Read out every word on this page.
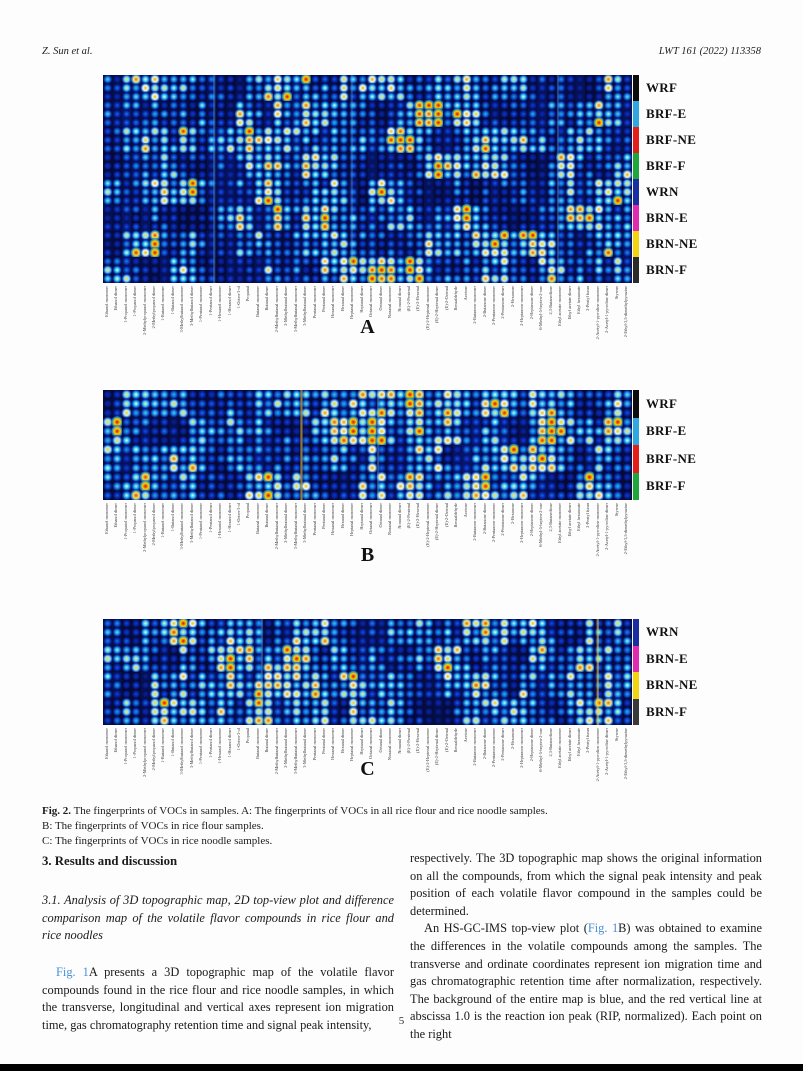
Z. Sun et al.	LWT 161 (2022) 113358
WRF
BRF-E
BRF-NE
BRF-F
WRN
BRN-E
BRN-NE
BRN-F
Ethanol monomer Ethanol dimer 1-Propanol monomer 1-Propanol dimer 2-Methylpropanol monomer 2-Methylpropanol dimer 1-Butanol monomer 1-Butanol dimer 3-Methylbutanol monomer 3-Methylbutanol dimer 1-Pentanol monomer 1-Pentanol dimer 1-Hexanol monomer 1-Hexanol dimer 1-Octen-3-ol Propanal Butanal monomer Butanal dimer 2-Methylbutanal monomer 2-Methylbutanal dimer 3-Methylbutanal monomer 3-Methylbutanal dimer Pentanal monomer Pentanal dimer Hexanal monomer Hexanal dimer Heptanal monomer Heptanal dimer Octanal monomer Octanal dimer Nonanal monomer Nonanal dimer (E)-2-Pentenal (E)-2-Hexenal (E)-2-Heptenal monomer (E)-2-Heptenal dimer (E)-2-Octenal Benzaldehyde Acetone 2-Butanone monomer 2-Butanone dimer 2-Pentanone monomer 2-Pentanone dimer 2-Hexanone 2-Heptanone monomer 2-Heptanone dimer 6-Methyl-5-hepten-2-one 2,3-Butanedione Ethyl acetate monomer Ethyl acetate dimer Ethyl hexanoate 2-Pentyl furan 2-Acetyl-1-pyrroline monomer 2-Acetyl-1-pyrroline dimer Styrene 2-Ethyl-3,5-dimethylpyrazine
A
WRF
BRF-E
BRF-NE
BRF-F
Ethanol monomer Ethanol dimer 1-Propanol monomer 1-Propanol dimer 2-Methylpropanol monomer 2-Methylpropanol dimer 1-Butanol monomer 1-Butanol dimer 3-Methylbutanol monomer 3-Methylbutanol dimer 1-Pentanol monomer 1-Pentanol dimer 1-Hexanol monomer 1-Hexanol dimer 1-Octen-3-ol Propanal Butanal monomer Butanal dimer 2-Methylbutanal monomer 2-Methylbutanal dimer 3-Methylbutanal monomer 3-Methylbutanal dimer Pentanal monomer Pentanal dimer Hexanal monomer Hexanal dimer Heptanal monomer Heptanal dimer Octanal monomer Octanal dimer Nonanal monomer Nonanal dimer (E)-2-Pentenal (E)-2-Hexenal (E)-2-Heptenal monomer (E)-2-Heptenal dimer (E)-2-Octenal Benzaldehyde Acetone 2-Butanone monomer 2-Butanone dimer 2-Pentanone monomer 2-Pentanone dimer 2-Hexanone 2-Heptanone monomer 2-Heptanone dimer 6-Methyl-5-hepten-2-one 2,3-Butanedione Ethyl acetate monomer Ethyl acetate dimer Ethyl hexanoate 2-Pentyl furan 2-Acetyl-1-pyrroline monomer 2-Acetyl-1-pyrroline dimer Styrene 2-Ethyl-3,5-dimethylpyrazine
B
WRN
BRN-E
BRN-NE
BRN-F
Ethanol monomer Ethanol dimer 1-Propanol monomer 1-Propanol dimer 2-Methylpropanol monomer 2-Methylpropanol dimer 1-Butanol monomer 1-Butanol dimer 3-Methylbutanol monomer 3-Methylbutanol dimer 1-Pentanol monomer 1-Pentanol dimer 1-Hexanol monomer 1-Hexanol dimer 1-Octen-3-ol Propanal Butanal monomer Butanal dimer 2-Methylbutanal monomer 2-Methylbutanal dimer 3-Methylbutanal monomer 3-Methylbutanal dimer Pentanal monomer Pentanal dimer Hexanal monomer Hexanal dimer Heptanal monomer Heptanal dimer Octanal monomer Octanal dimer Nonanal monomer Nonanal dimer (E)-2-Pentenal (E)-2-Hexenal (E)-2-Heptenal monomer (E)-2-Heptenal dimer (E)-2-Octenal Benzaldehyde Acetone 2-Butanone monomer 2-Butanone dimer 2-Pentanone monomer 2-Pentanone dimer 2-Hexanone 2-Heptanone monomer 2-Heptanone dimer 6-Methyl-5-hepten-2-one 2,3-Butanedione Ethyl acetate monomer Ethyl acetate dimer Ethyl hexanoate 2-Pentyl furan 2-Acetyl-1-pyrroline monomer 2-Acetyl-1-pyrroline dimer Styrene 2-Ethyl-3,5-dimethylpyrazine
C
Fig. 2. The fingerprints of VOCs in samples. A: The fingerprints of VOCs in all rice flour and rice noodle samples.
B: The fingerprints of VOCs in rice flour samples.
C: The fingerprints of VOCs in rice noodle samples.
3. Results and discussion
3.1. Analysis of 3D topographic map, 2D top-view plot and difference comparison map of the volatile flavor compounds in rice flour and rice noodles

Fig. 1A presents a 3D topographic map of the volatile flavor compounds found in the rice flour and rice noodle samples, in which the transverse, longitudinal and vertical axes represent ion migration time, gas chromatography retention time and signal peak intensity,

respectively. The 3D topographic map shows the original information on all the compounds, from which the signal peak intensity and peak position of each volatile flavor compound in the samples could be determined.

An HS-GC-IMS top-view plot (Fig. 1B) was obtained to examine the differences in the volatile compounds among the samples. The transverse and ordinate coordinates represent ion migration time and gas chromatographic retention time after normalization, respectively. The background of the entire map is blue, and the red vertical line at abscissa 1.0 is the reaction ion peak (RIP, normalized). Each point on the right

5
